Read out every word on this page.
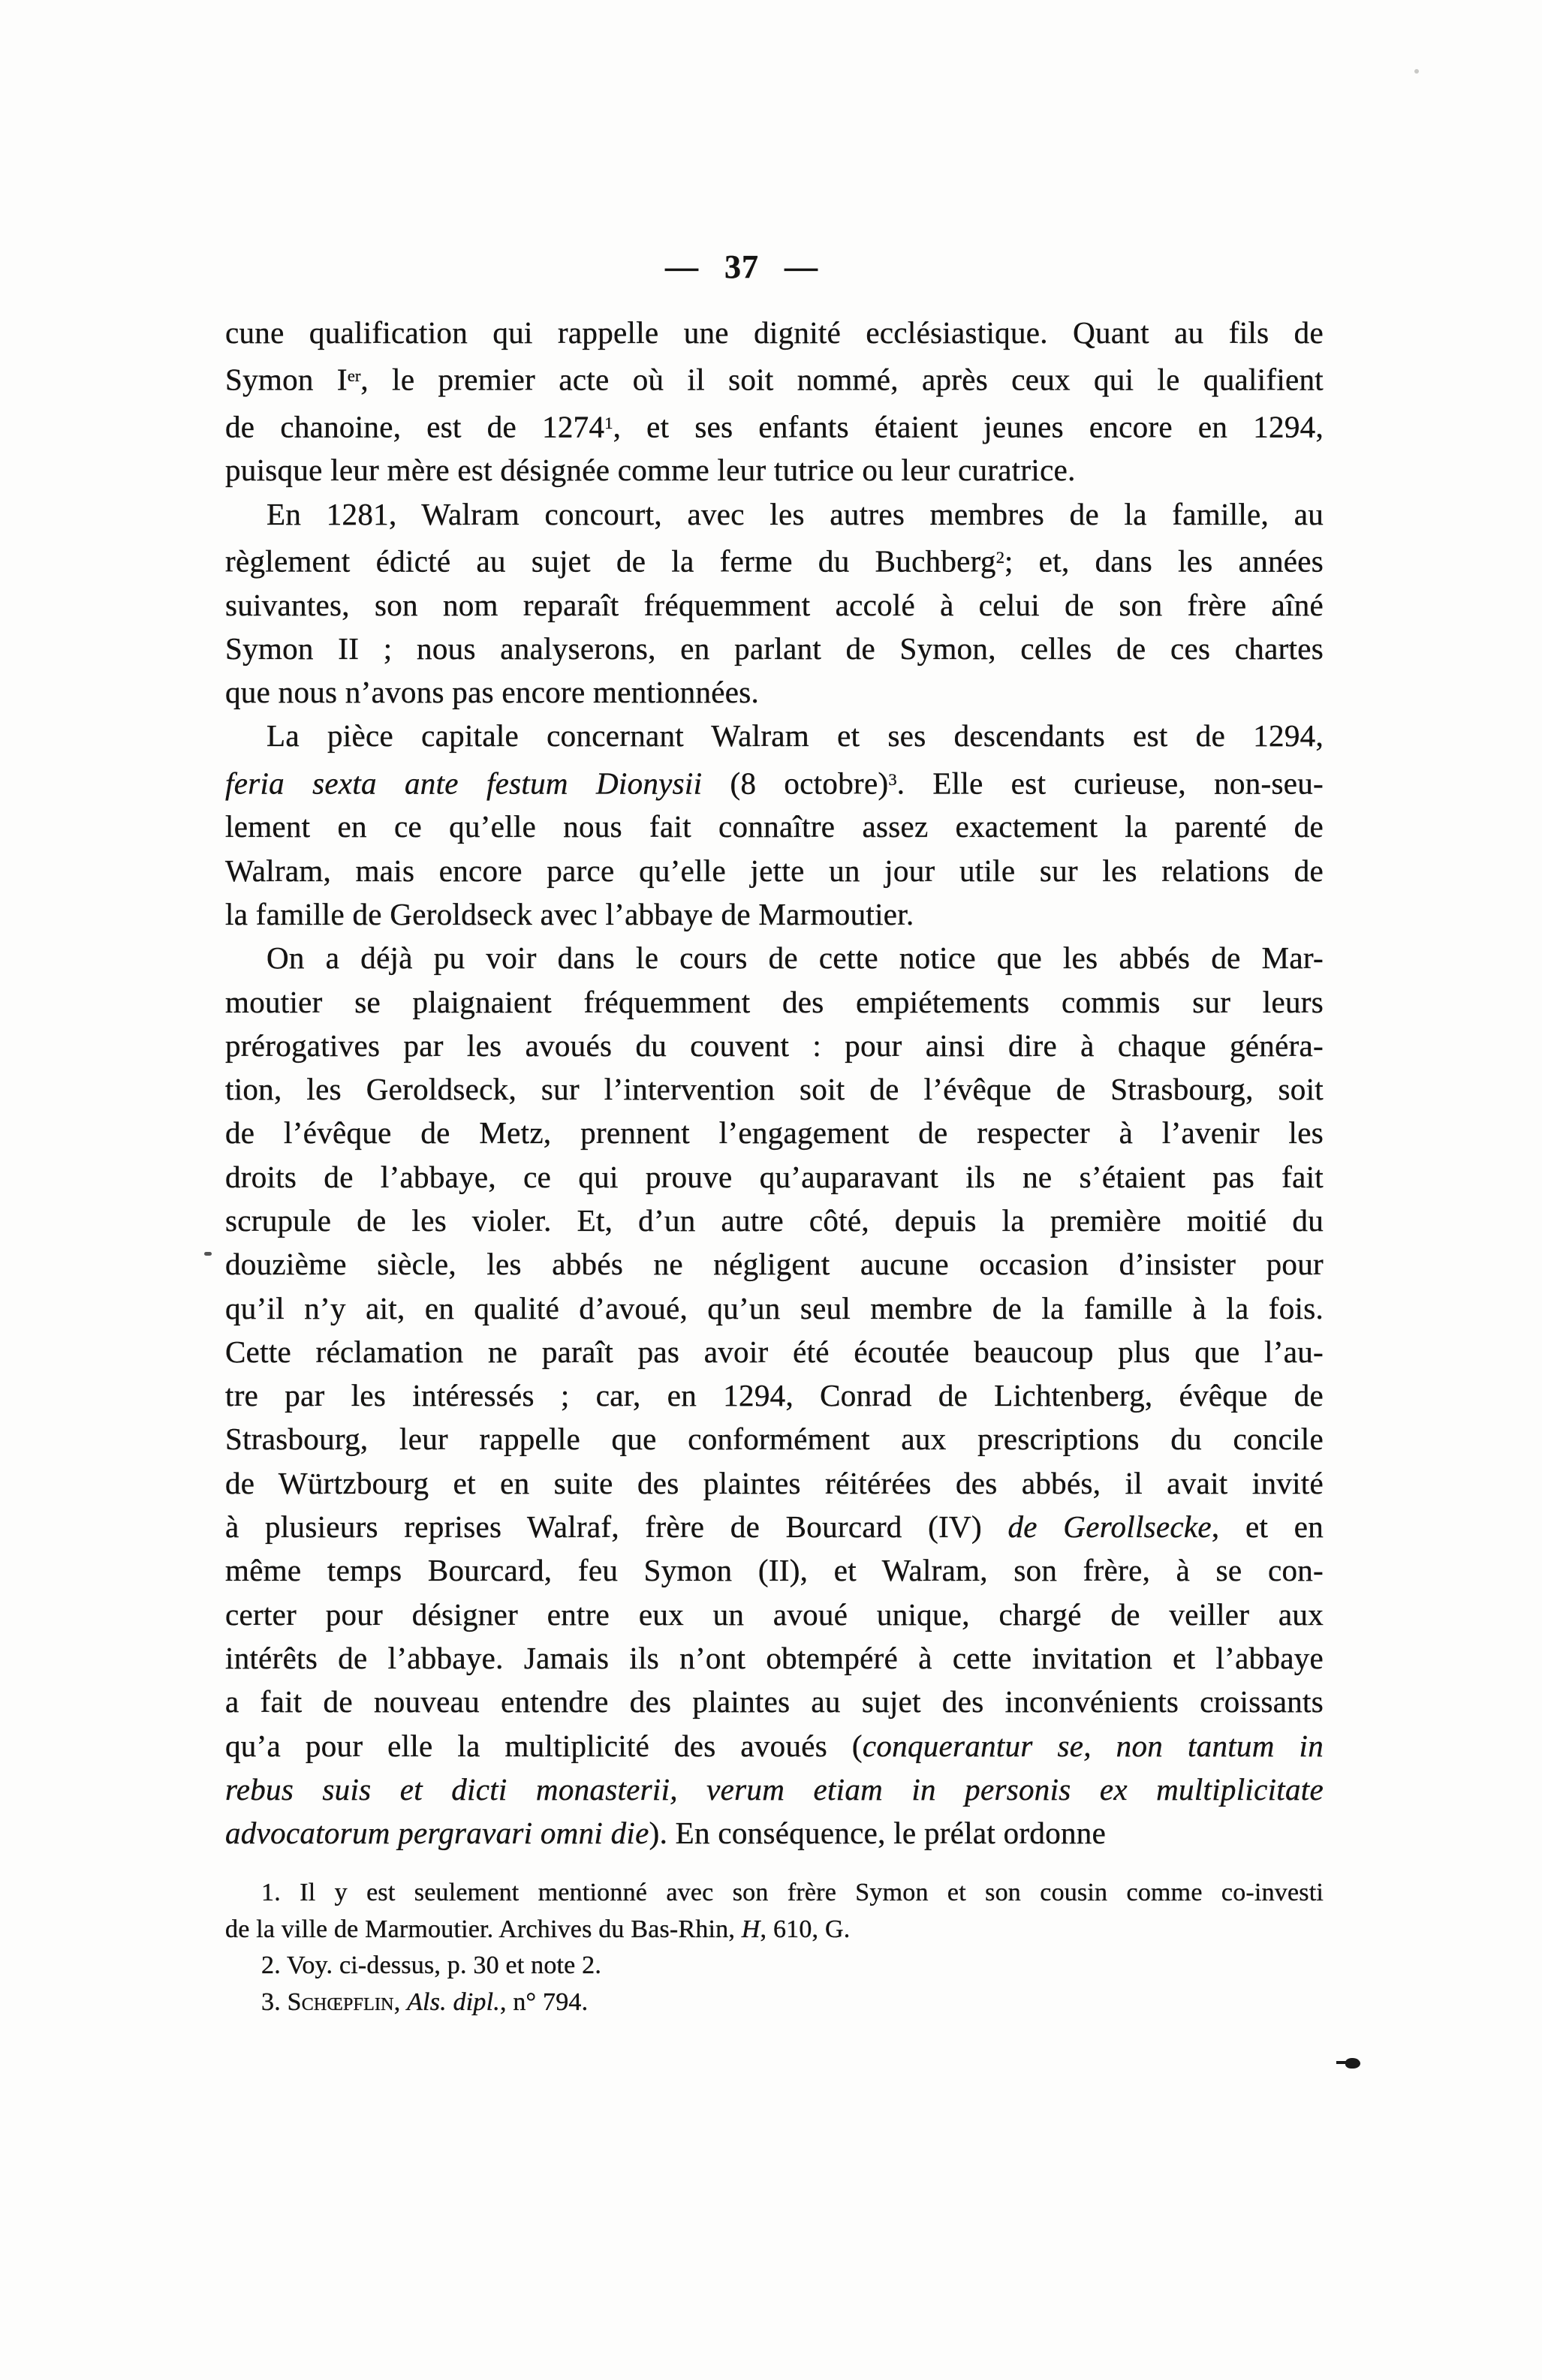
— 37 —
cune qualification qui rappelle une dignité ecclésiastique. Quant au fils de
Symon Ier, le premier acte où il soit nommé, après ceux qui le qualifient
de chanoine, est de 1274$^1$, et ses enfants étaient jeunes encore en 1294,
puisque leur mère est désignée comme leur tutrice ou leur curatrice.
En 1281, Walram concourt, avec les autres membres de la famille, au
règlement édicté au sujet de la ferme du Buchberg$^2$; et, dans les années
suivantes, son nom reparaît fréquemment accolé à celui de son frère aîné
Symon II ; nous analyserons, en parlant de Symon, celles de ces chartes
que nous n’avons pas encore mentionnées.
La pièce capitale concernant Walram et ses descendants est de 1294,
feria sexta ante festum Dionysii (8 octobre)$^3$. Elle est curieuse, non-seu-
lement en ce qu’elle nous fait connaître assez exactement la parenté de
Walram, mais encore parce qu’elle jette un jour utile sur les relations de
la famille de Geroldseck avec l’abbaye de Marmoutier.
On a déjà pu voir dans le cours de cette notice que les abbés de Mar-
moutier se plaignaient fréquemment des empiétements commis sur leurs
prérogatives par les avoués du couvent : pour ainsi dire à chaque généra-
tion, les Geroldseck, sur l’intervention soit de l’évêque de Strasbourg, soit
de l’évêque de Metz, prennent l’engagement de respecter à l’avenir les
droits de l’abbaye, ce qui prouve qu’auparavant ils ne s’étaient pas fait
scrupule de les violer. Et, d’un autre côté, depuis la première moitié du
douzième siècle, les abbés ne négligent aucune occasion d’insister pour
qu’il n’y ait, en qualité d’avoué, qu’un seul membre de la famille à la fois.
Cette réclamation ne paraît pas avoir été écoutée beaucoup plus que l’au-
tre par les intéressés ; car, en 1294, Conrad de Lichtenberg, évêque de
Strasbourg, leur rappelle que conformément aux prescriptions du concile
de Würtzbourg et en suite des plaintes réitérées des abbés, il avait invité
à plusieurs reprises Walraf, frère de Bourcard (IV) de Gerollsecke, et en
même temps Bourcard, feu Symon (II), et Walram, son frère, à se con-
certer pour désigner entre eux un avoué unique, chargé de veiller aux
intérêts de l’abbaye. Jamais ils n’ont obtempéré à cette invitation et l’abbaye
a fait de nouveau entendre des plaintes au sujet des inconvénients croissants
qu’a pour elle la multiplicité des avoués (conquerantur se, non tantum in
rebus suis et dicti monasterii, verum etiam in personis ex multiplicitate
advocatorum pergravari omni die). En conséquence, le prélat ordonne
1. Il y est seulement mentionné avec son frère Symon et son cousin comme co-investi
de la ville de Marmoutier. Archives du Bas-Rhin, H, 610, G.
2. Voy. ci-dessus, p. 30 et note 2.
3. Schœpflin, Als. dipl., n° 794.
